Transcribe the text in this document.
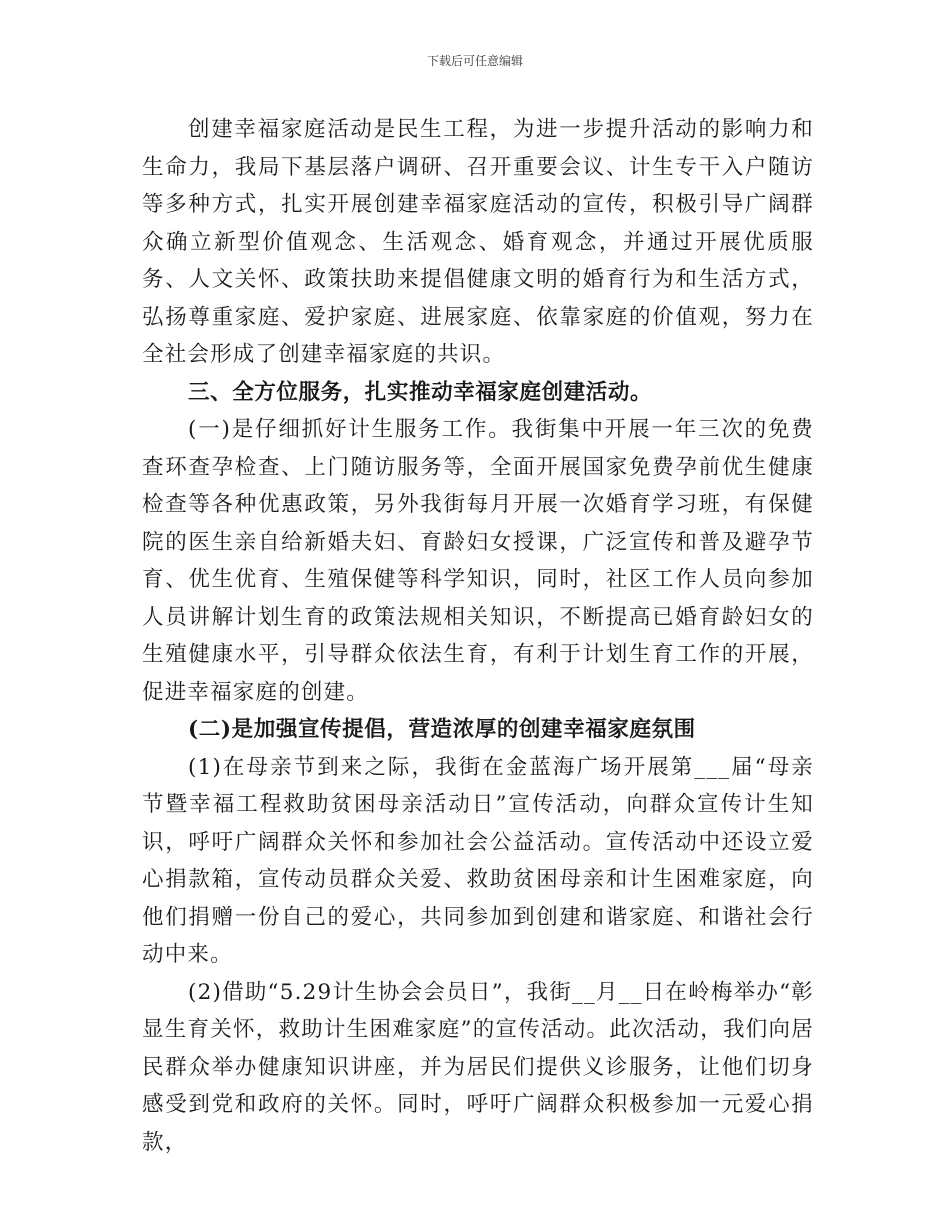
下载后可任意编辑

创建幸福家庭活动是民生工程，为进一步提升活动的影响力和生命力，我局下基层落户调研、召开重要会议、计生专干入户随访等多种方式，扎实开展创建幸福家庭活动的宣传，积极引导广阔群众确立新型价值观念、生活观念、婚育观念，并通过开展优质服务、人文关怀、政策扶助来提倡健康文明的婚育行为和生活方式，弘扬尊重家庭、爱护家庭、进展家庭、依靠家庭的价值观，努力在全社会形成了创建幸福家庭的共识。

三、全方位服务，扎实推动幸福家庭创建活动。

(一)是仔细抓好计生服务工作。我街集中开展一年三次的免费查环查孕检查、上门随访服务等，全面开展国家免费孕前优生健康检查等各种优惠政策，另外我街每月开展一次婚育学习班，有保健院的医生亲自给新婚夫妇、育龄妇女授课，广泛宣传和普及避孕节育、优生优育、生殖保健等科学知识，同时，社区工作人员向参加人员讲解计划生育的政策法规相关知识，不断提高已婚育龄妇女的生殖健康水平，引导群众依法生育，有利于计划生育工作的开展，促进幸福家庭的创建。

(二)是加强宣传提倡，营造浓厚的创建幸福家庭氛围

(1)在母亲节到来之际，我街在金蓝海广场开展第___届“母亲节暨幸福工程救助贫困母亲活动日”宣传活动，向群众宣传计生知识，呼吁广阔群众关怀和参加社会公益活动。宣传活动中还设立爱心捐款箱，宣传动员群众关爱、救助贫困母亲和计生困难家庭，向他们捐赠一份自己的爱心，共同参加到创建和谐家庭、和谐社会行动中来。

(2)借助“5.29计生协会会员日”，我街__月__日在岭梅举办“彰显生育关怀，救助计生困难家庭”的宣传活动。此次活动，我们向居民群众举办健康知识讲座，并为居民们提供义诊服务，让他们切身感受到党和政府的关怀。同时，呼吁广阔群众积极参加一元爱心捐款，
